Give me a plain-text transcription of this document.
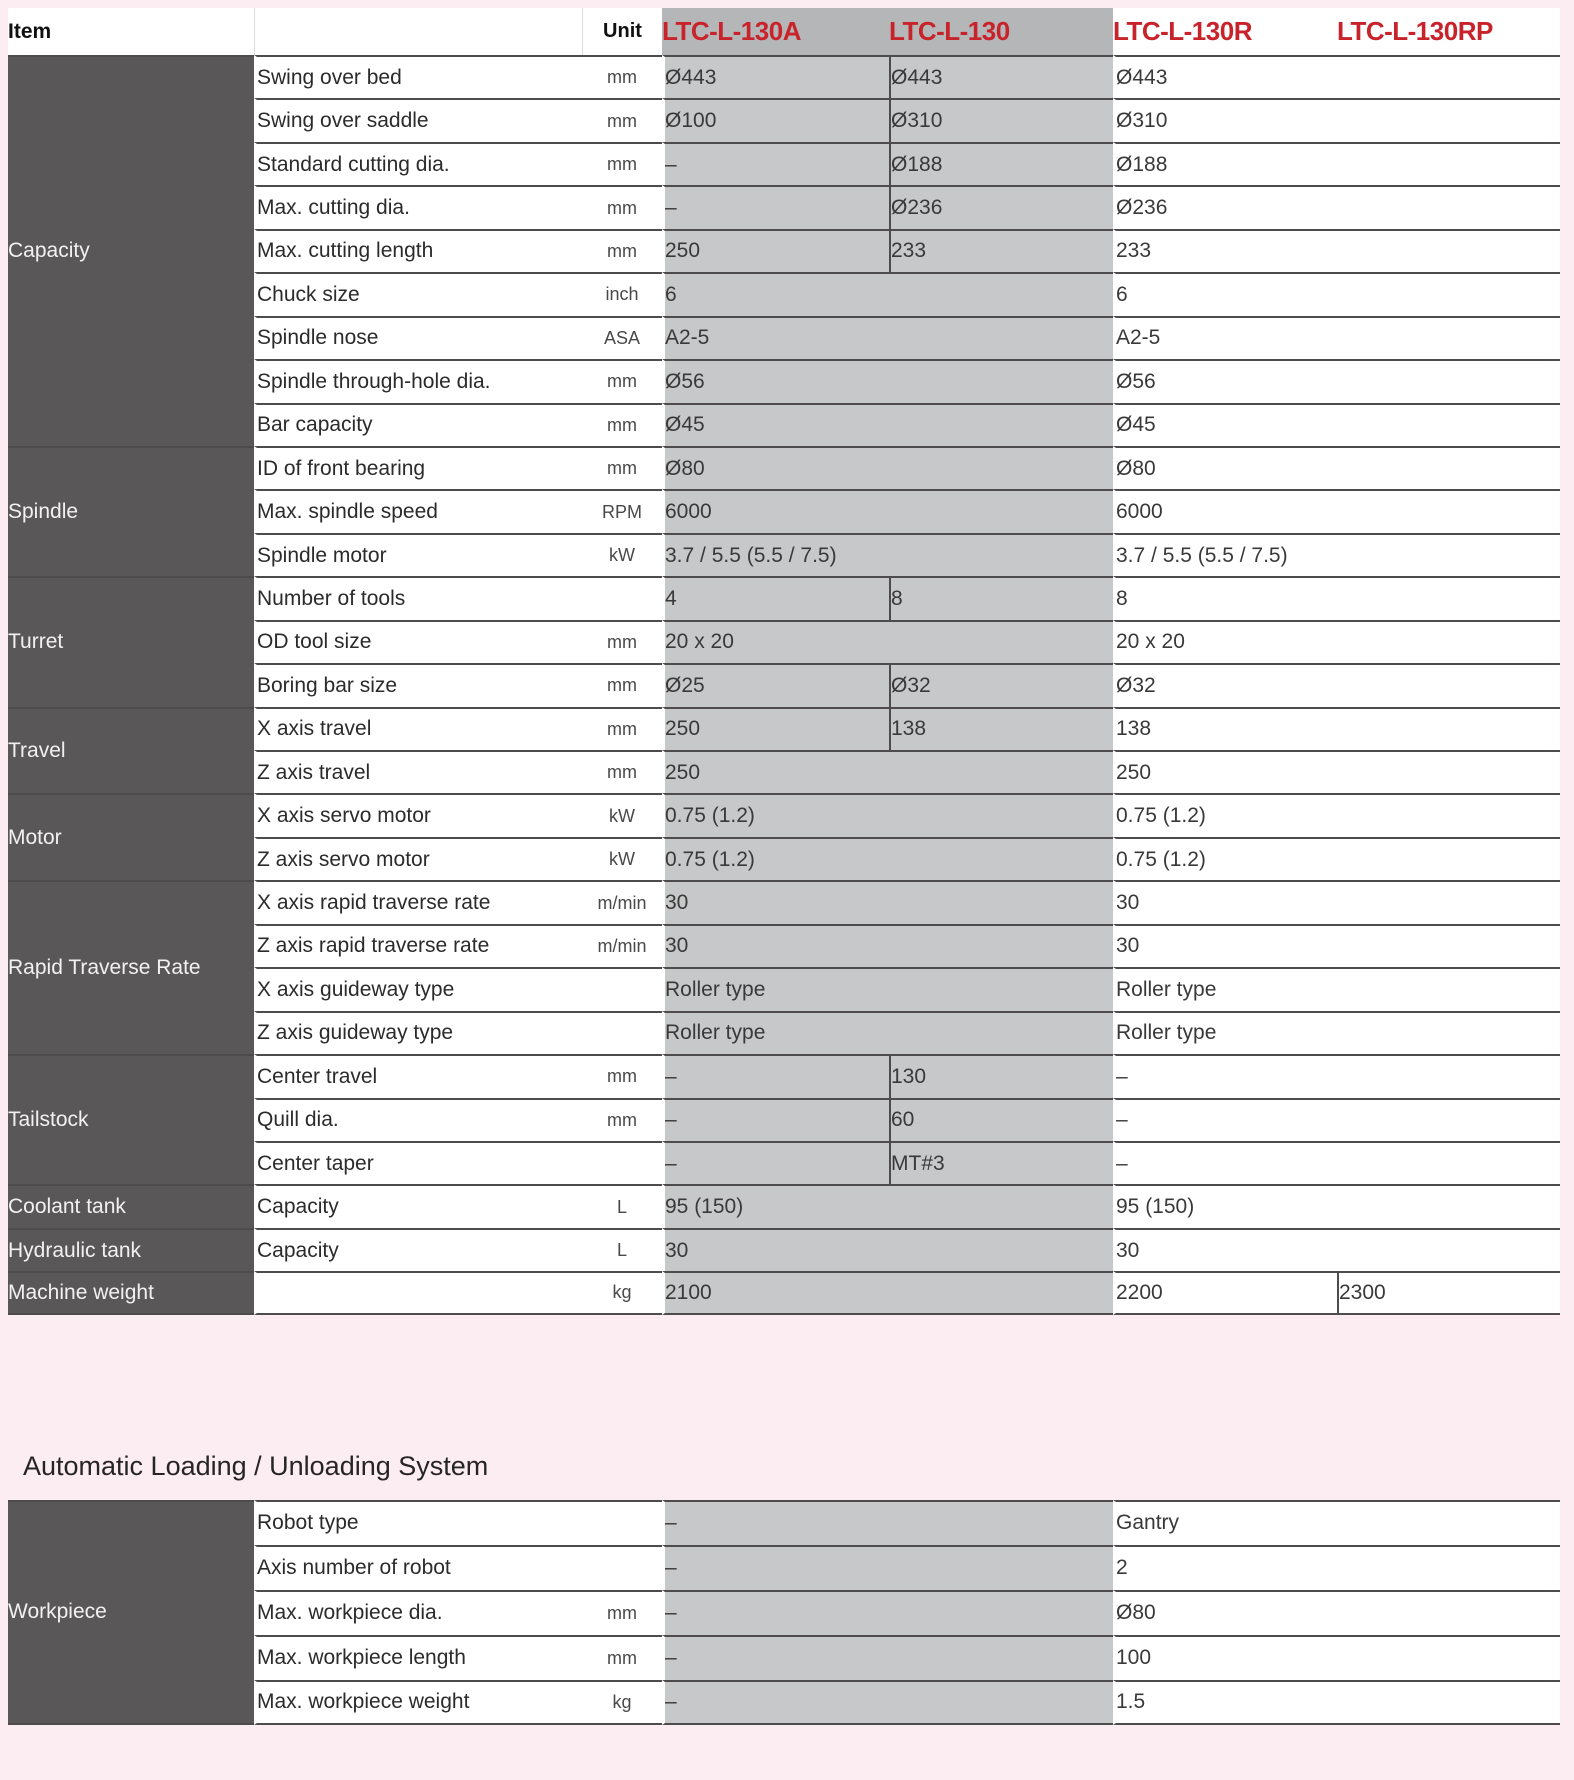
Item		Unit	LTC-L-130A	LTC-L-130	LTC-L-130R	LTC-L-130RP
Capacity	Swing over bed	mm	Ø443	Ø443	Ø443	
	Swing over saddle	mm	Ø100	Ø310	Ø310	
	Standard cutting dia.	mm	–	Ø188	Ø188	
	Max. cutting dia.	mm	–	Ø236	Ø236	
	Max. cutting length	mm	250	233	233	
	Chuck size	inch	6		6	
	Spindle nose	ASA	A2-5		A2-5	
	Spindle through-hole dia.	mm	Ø56		Ø56	
	Bar capacity	mm	Ø45		Ø45	
Spindle	ID of front bearing	mm	Ø80		Ø80	
	Max. spindle speed	RPM	6000		6000	
	Spindle motor	kW	3.7 / 5.5 (5.5 / 7.5)		3.7 / 5.5 (5.5 / 7.5)	
Turret	Number of tools		4	8	8	
	OD tool size	mm	20 x 20		20 x 20	
	Boring bar size	mm	Ø25	Ø32	Ø32	
Travel	X axis travel	mm	250	138	138	
	Z axis travel	mm	250		250	
Motor	X axis servo motor	kW	0.75 (1.2)		0.75 (1.2)	
	Z axis servo motor	kW	0.75 (1.2)		0.75 (1.2)	
Rapid Traverse Rate	X axis rapid traverse rate	m/min	30		30	
	Z axis rapid traverse rate	m/min	30		30	
	X axis guideway type		Roller type		Roller type	
	Z axis guideway type		Roller type		Roller type	
Tailstock	Center travel	mm	–	130	–	
	Quill dia.	mm	–	60	–	
	Center taper		–	MT#3	–	
Coolant tank	Capacity	L	95 (150)		95 (150)	
Hydraulic tank	Capacity	L	30		30	
Machine weight		kg	2100		2200	2300
Automatic Loading / Unloading System
Workpiece	Robot type		–	Gantry
	Axis number of robot		–	2
	Max. workpiece dia.	mm	–	Ø80
	Max. workpiece length	mm	–	100
	Max. workpiece weight	kg	–	1.5
